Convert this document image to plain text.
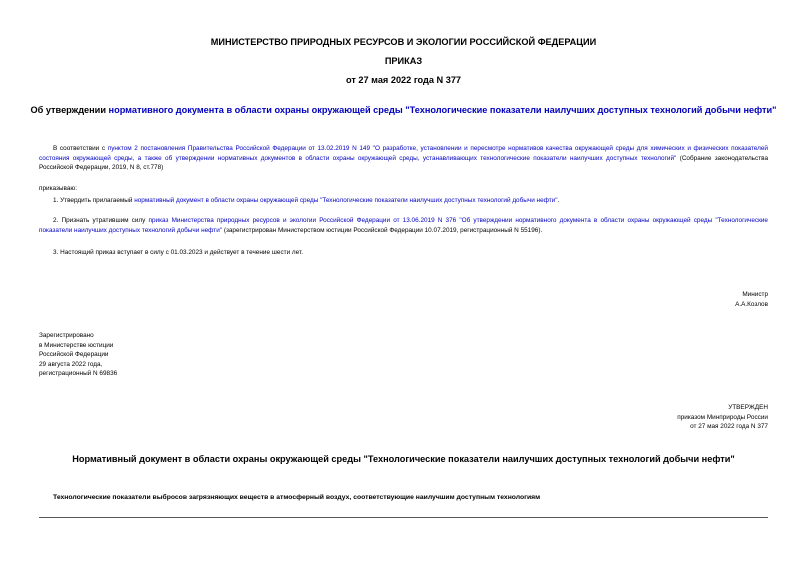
МИНИСТЕРСТВО ПРИРОДНЫХ РЕСУРСОВ И ЭКОЛОГИИ РОССИЙСКОЙ ФЕДЕРАЦИИ
ПРИКАЗ
от 27 мая 2022 года N 377
Об утверждении нормативного документа в области охраны окружающей среды "Технологические показатели наилучших доступных технологий добычи нефти"
В соответствии с пунктом 2 постановления Правительства Российской Федерации от 13.02.2019 N 149 "О разработке, установлении и пересмотре нормативов качества окружающей среды для химических и физических показателей состояния окружающей среды, а также об утверждении нормативных документов в области охраны окружающей среды, устанавливающих технологические показатели наилучших доступных технологий" (Собрание законодательства Российской Федерации, 2019, N 8, ст.778)
приказываю:
1. Утвердить прилагаемый нормативный документ в области охраны окружающей среды "Технологические показатели наилучших доступных технологий добычи нефти".
2. Признать утратившим силу приказ Министерства природных ресурсов и экологии Российской Федерации от 13.06.2019 N 376 "Об утверждении нормативного документа в области охраны окружающей среды "Технологические показатели наилучших доступных технологий добычи нефти" (зарегистрирован Министерством юстиции Российской Федерации 10.07.2019, регистрационный N 55196).
3. Настоящий приказ вступает в силу с 01.03.2023 и действует в течение шести лет.
Министр
А.А.Козлов
Зарегистрировано
в Министерстве юстиции
Российской Федерации
29 августа 2022 года,
регистрационный N 69836
УТВЕРЖДЕН
приказом Минприроды России
от 27 мая 2022 года N 377
Нормативный документ в области охраны окружающей среды "Технологические показатели наилучших доступных технологий добычи нефти"
Технологические показатели выбросов загрязняющих веществ в атмосферный воздух, соответствующие наилучшим доступным технологиям
